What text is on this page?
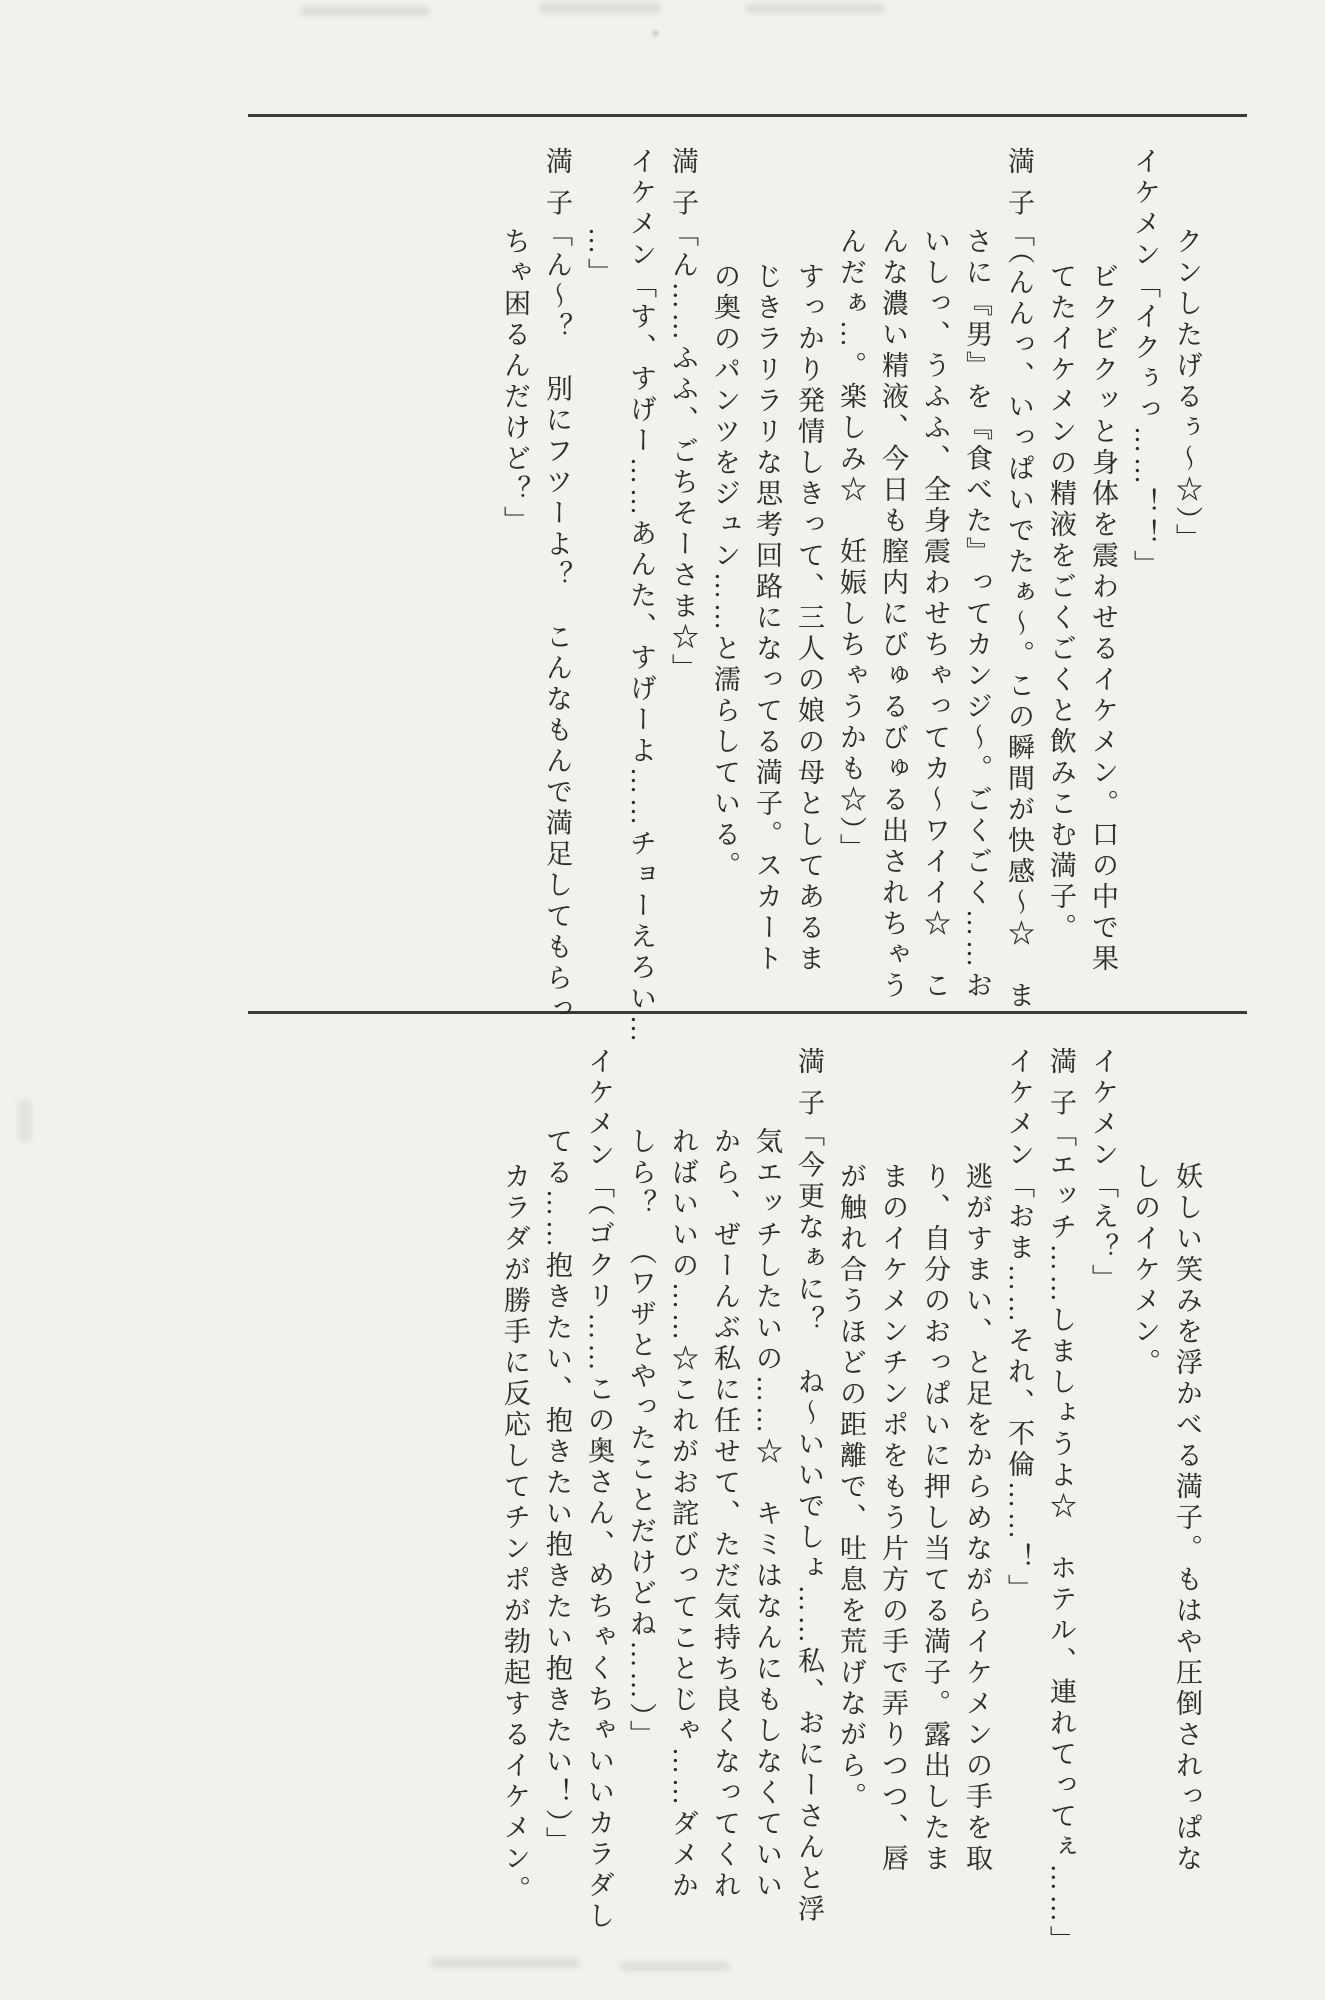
クンしたげるぅ～☆）」
イケメン「イクぅっ……！！」
ビクビクッと身体を震わせるイケメン。口の中で果
てたイケメンの精液をごくごくと飲みこむ満子。
満 子「（んんっ、いっぱいでたぁ～。この瞬間が快感～☆　ま
さに『男』を『食べた』ってカンジ～。ごくごく……お
いしっ、うふふ、全身震わせちゃってカ～ワイイ☆　こ
んな濃い精液、今日も膣内にびゅるびゅる出されちゃう
んだぁ…。楽しみ☆　妊娠しちゃうかも☆）」
すっかり発情しきって、三人の娘の母としてあるま
じきラリラリな思考回路になってる満子。スカート
の奥のパンツをジュン……と濡らしている。
満 子「ん……ふふ、ごちそーさま☆」
イケメン「す、すげー……あんた、すげーよ……チョーえろい…
…」
満 子「ん～？　別にフツーよ？　こんなもんで満足してもらっ
ちゃ困るんだけど？」
妖しい笑みを浮かべる満子。もはや圧倒されっぱな
しのイケメン。
イケメン「え？」
満 子「エッチ……しましょうよ☆　ホテル、連れてってぇ……」
イケメン「おま……それ、不倫……！」
逃がすまい、と足をからめながらイケメンの手を取
り、自分のおっぱいに押し当てる満子。露出したま
まのイケメンチンポをもう片方の手で弄りつつ、唇
が触れ合うほどの距離で、吐息を荒げながら。
満 子「今更なぁに？　ね～いいでしょ……私、おにーさんと浮
気エッチしたいの……☆　キミはなんにもしなくていい
から、ぜーんぶ私に任せて、ただ気持ち良くなってくれ
ればいいの……☆これがお詫びってことじゃ……ダメか
しら？　（ワザとやったことだけどね……）」
イケメン「（ゴクリ……この奥さん、めちゃくちゃいいカラダし
てる……抱きたい、抱きたい抱きたい抱きたい！）」
カラダが勝手に反応してチンポが勃起するイケメン。
